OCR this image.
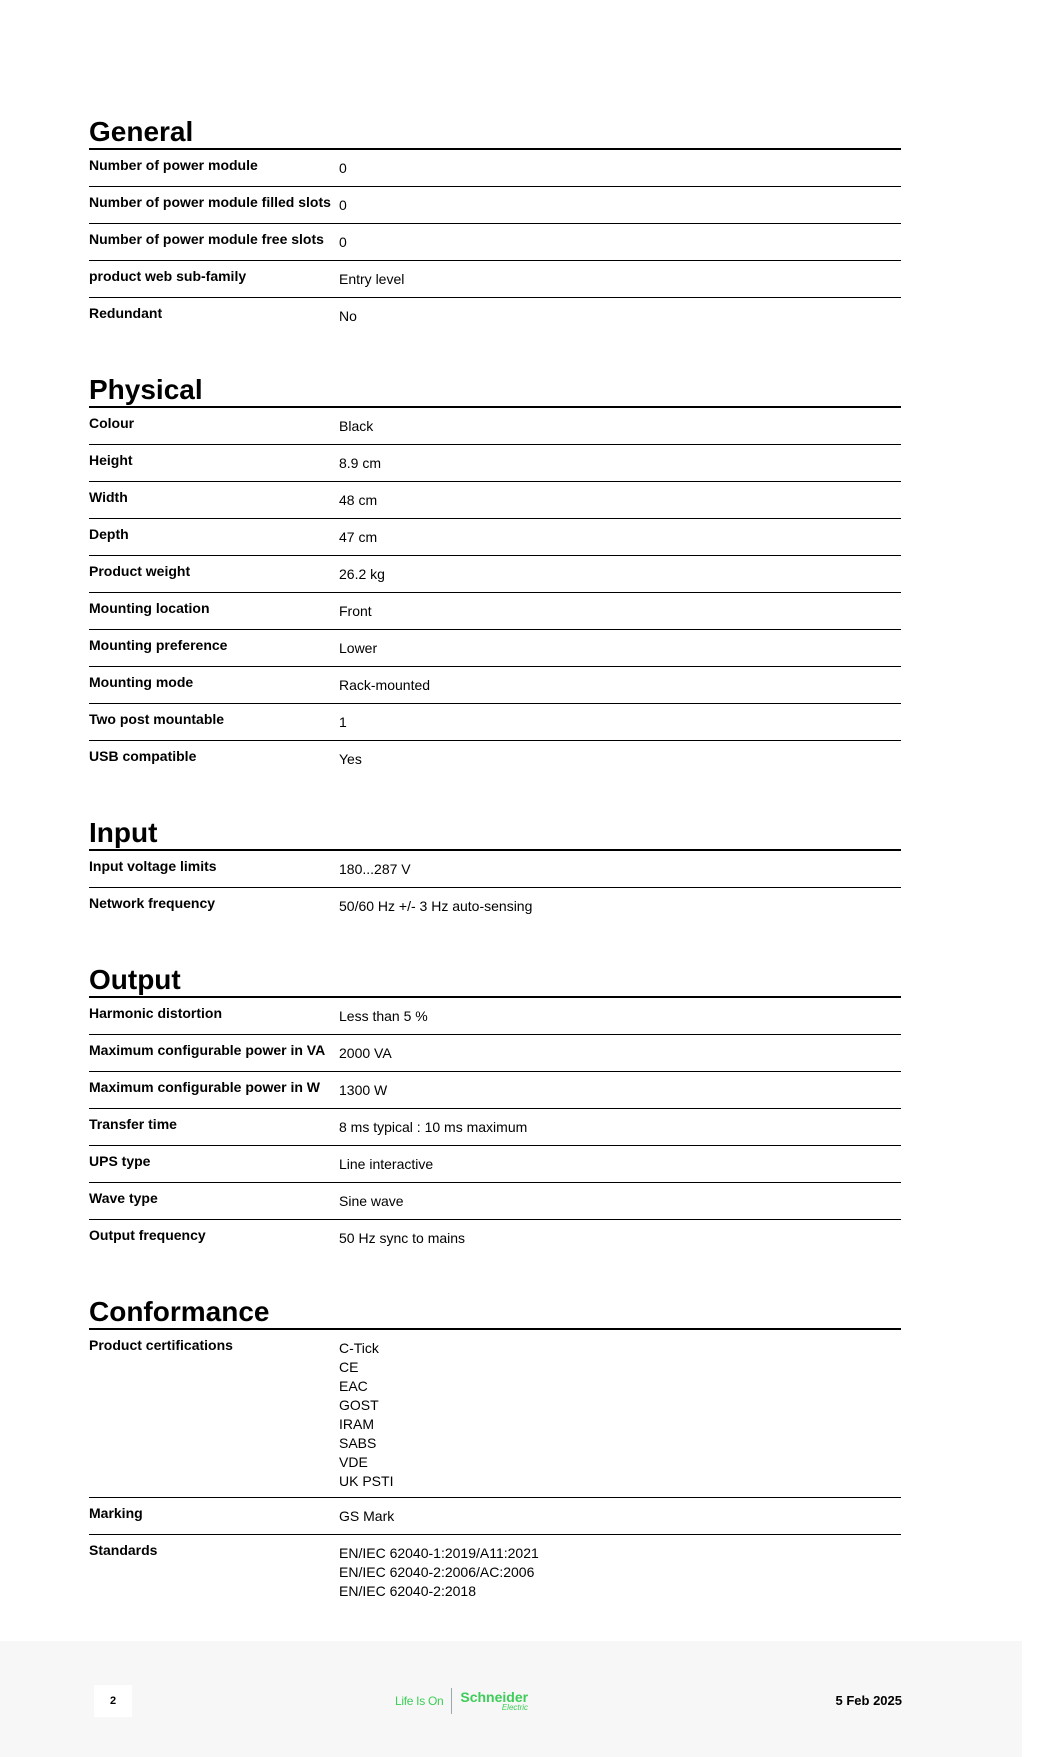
General
Number of power module	0
Number of power module filled slots 0
Number of power module free slots	0
product web sub-family	Entry level
Redundant	No
Physical
Colour	Black
Height	8.9 cm
Width	48 cm
Depth	47 cm
Product weight	26.2 kg
Mounting location	Front
Mounting preference	Lower
Mounting mode	Rack-mounted
Two post mountable	1
USB compatible	Yes
Input
Input voltage limits	180...287 V
Network frequency	50/60 Hz +/- 3 Hz auto-sensing
Output
Harmonic distortion	Less than 5 %
Maximum configurable power in VA 2000 VA
Maximum configurable power in W	1300 W
Transfer time	8 ms typical : 10 ms maximum
UPS type	Line interactive
Wave type	Sine wave
Output frequency	50 Hz sync to mains
Conformance
Product certifications	C-Tick
CE
EAC
GOST
IRAM
SABS
VDE
UK PSTI
Marking	GS Mark
Standards	EN/IEC 62040-1:2019/A11:2021
EN/IEC 62040-2:2006/AC:2006
EN/IEC 62040-2:2018
2	Life Is On Schneider
Electric	5 Feb 2025
